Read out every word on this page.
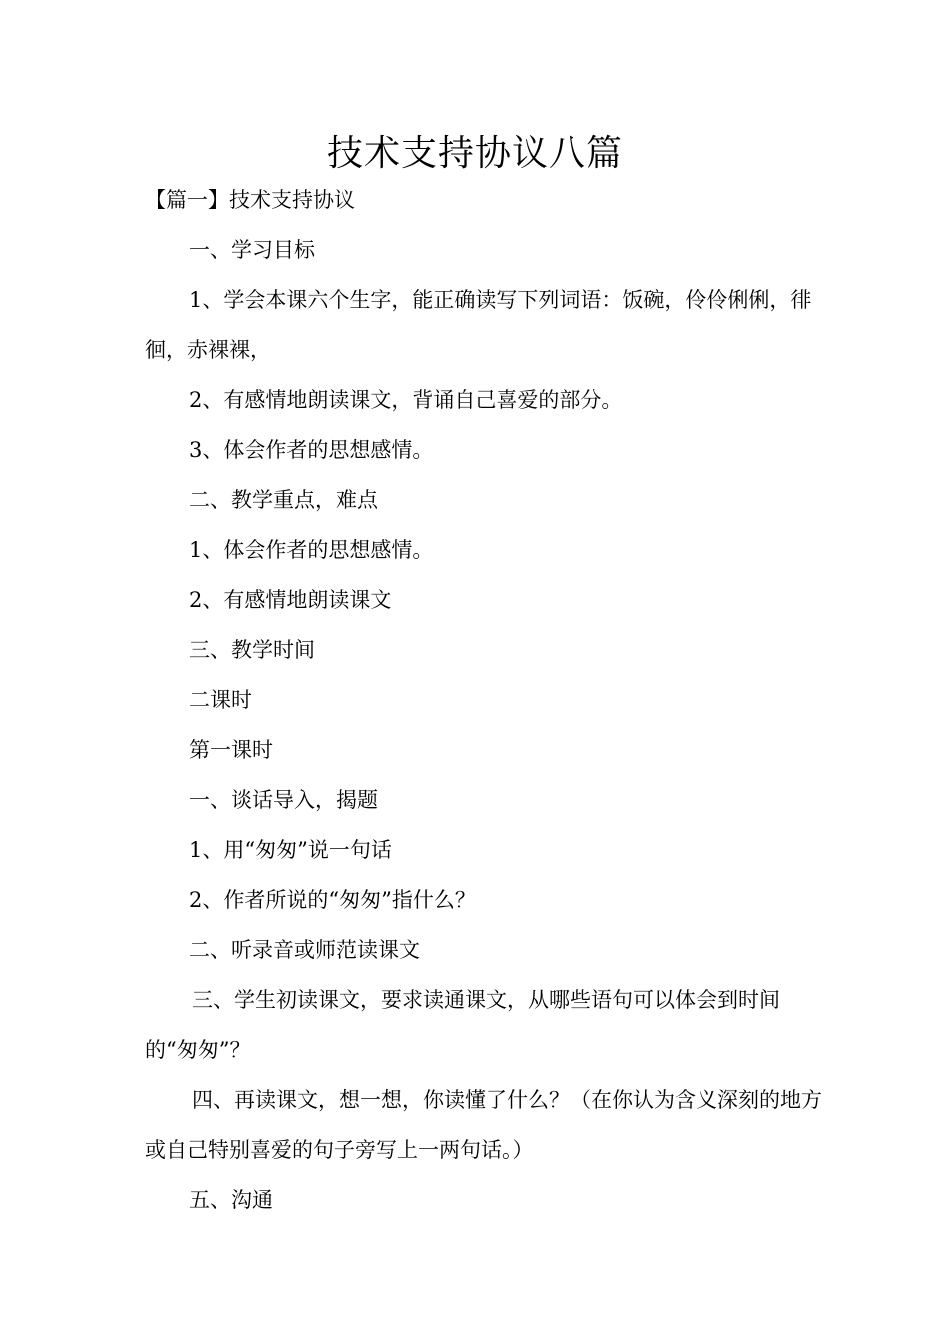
技术支持协议八篇

【篇一】技术支持协议

一、学习目标

1、学会本课六个生字，能正确读写下列词语：饭碗，伶伶俐俐，徘徊，赤裸裸，

2、有感情地朗读课文，背诵自己喜爱的部分。

3、体会作者的思想感情。

二、教学重点，难点

1、体会作者的思想感情。

2、有感情地朗读课文

三、教学时间

二课时

第一课时

一、谈话导入，揭题

1、用“匆匆”说一句话

2、作者所说的“匆匆”指什么？

二、听录音或师范读课文

三、学生初读课文，要求读通课文，从哪些语句可以体会到时间的“匆匆”？

四、再读课文，想一想，你读懂了什么？（在你认为含义深刻的地方或自己特别喜爱的句子旁写上一两句话。）

五、沟通
